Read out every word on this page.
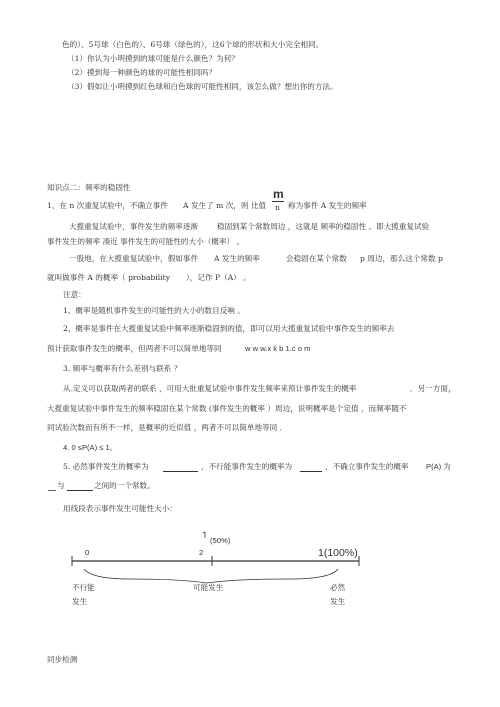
色的）、5号球（白色的）、6号球（绿色的），这6个球的形状和大小完全相同。
（1）你认为小明摸到的球可能是什么颜色？为何？
（2）摸到每一种颜色的球的可能性相同吗？
（3）假如让小明摸到红色球和白色球的可能性相同，该怎么做？想出你的方法。
知识点二：频率的稳固性
1、在 n 次重复试验中，不确立事件 A 发生了 m 次，则 比值
m
n 称为事件 A 发生的频率
大揽重复试验中，事件发生的频率逐渐 稳固到某个常数周边 ，这就是 频率的稳固性 。即大揽重复试验
事件发生的频率 凑近 事件发生的可能性的大小（概率） 。
一股地，在大揽重复试验中，假如事件 A 发生的频率	会稳固在某个常数 p 周边，那么这个常数 p
就叫做事件 A 的概率（ probability ），记作 P（A） 。
注意：
1、概率是随机事件发生的可能性的大小的数目反响 。
2、概率是事件在大揽重复试验中频率逐渐稳固到的值，即可以用大揽重复试验中事件发生的频率去
预计获取事件发生的概率，但两者不可以简单地等同	w w w.x k b 1.c o m
3. 频率与概率有什么差别与联系 ？
从.定义可以获取两者的联系 ，可用大批重复试验中事件发生频率来预计事件发生的概率	．另一方面，
大揽重复试验中事件发生的频率稳固在某个常数 (事件发生的概率 ）周边，说明概率是个定值 ，而频率随不
同试验次数而有所不一样，是概率的近似值 ，两者不可以简单地等同 ．
4. 0 ≤P(A) ≤ 1。
5. 必然事件发生的概率为	，不行能事件发生的概率为	，不确立事件发生的概率 P(A) 为
与	之间的一个常数。
用线段表示事件发生可能性大小：
0
(50%)
2	1(100%)
不行能
发生
可能发生	必然
发生
同步检测
